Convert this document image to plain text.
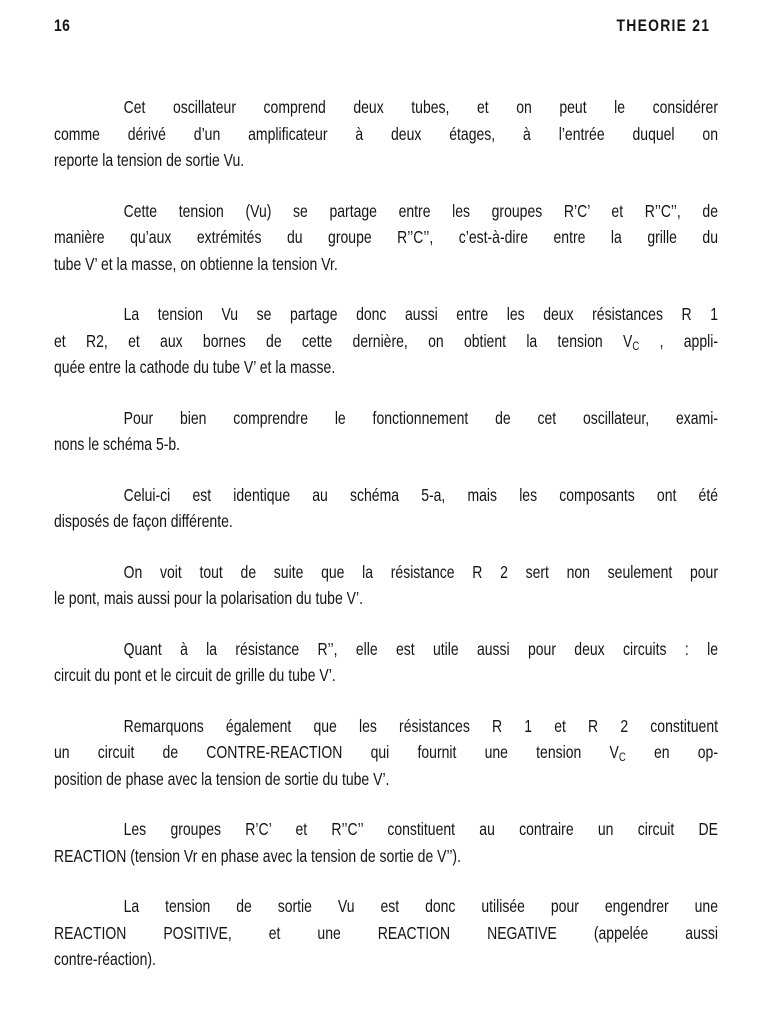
16	THEORIE 21

Cet oscillateur comprend deux tubes, et on peut le considérer
comme dérivé d’un amplificateur à deux étages, à l’entrée duquel on
reporte la tension de sortie Vu.

Cette tension (Vu) se partage entre les groupes R’C’ et R’’C’’, de
manière qu’aux extrémités du groupe R’’C’’, c’est-à-dire entre la grille du
tube V’ et la masse, on obtienne la tension Vr.

La tension Vu se partage donc aussi entre les deux résistances R 1
et R2, et aux bornes de cette dernière, on obtient la tension $V_C$ , appli-
quée entre la cathode du tube V’ et la masse.

Pour bien comprendre le fonctionnement de cet oscillateur, exami-
nons le schéma 5-b.

Celui-ci est identique au schéma 5-a, mais les composants ont été
disposés de façon différente.

On voit tout de suite que la résistance R 2 sert non seulement pour
le pont, mais aussi pour la polarisation du tube V’.

Quant à la résistance R’’, elle est utile aussi pour deux circuits : le
circuit du pont et le circuit de grille du tube V’.

Remarquons également que les résistances R 1 et R 2 constituent
un circuit de CONTRE-REACTION qui fournit une tension $V_C$ en op-
position de phase avec la tension de sortie du tube V’.

Les groupes R’C’ et R’’C’’ constituent au contraire un circuit DE
REACTION (tension Vr en phase avec la tension de sortie de V’’).

La tension de sortie Vu est donc utilisée pour engendrer une
REACTION POSITIVE, et une REACTION NEGATIVE (appelée aussi
contre-réaction).
